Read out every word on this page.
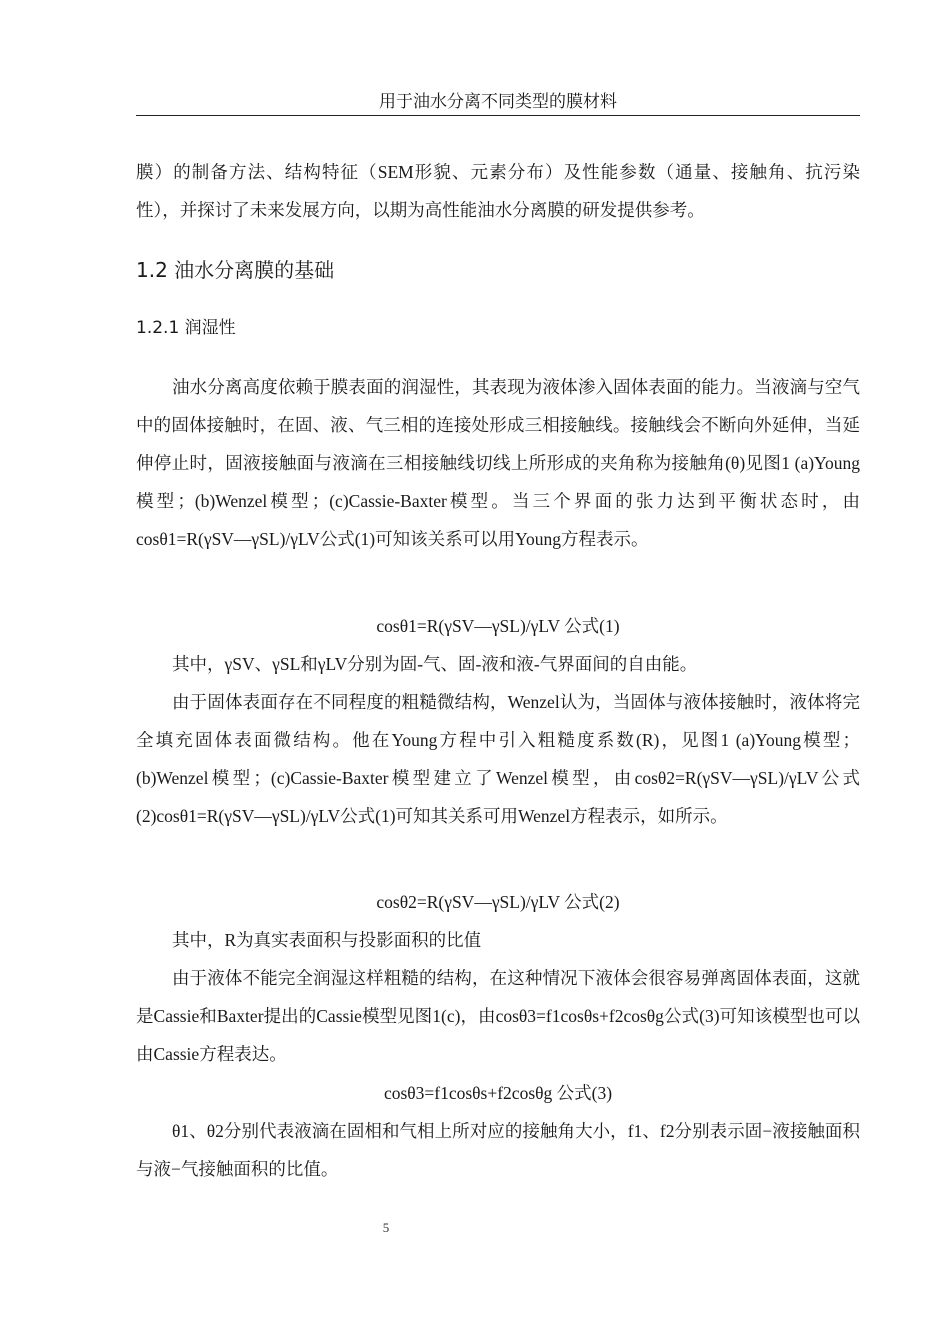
用于油水分离不同类型的膜材料
膜）的制备方法、结构特征（SEM形貌、元素分布）及性能参数（通量、接触角、抗污染性），并探讨了未来发展方向，以期为高性能油水分离膜的研发提供参考。
1.2 油水分离膜的基础
1.2.1 润湿性
油水分离高度依赖于膜表面的润湿性，其表现为液体渗入固体表面的能力。当液滴与空气中的固体接触时，在固、液、气三相的连接处形成三相接触线。接触线会不断向外延伸，当延伸停止时，固液接触面与液滴在三相接触线切线上所形成的夹角称为接触角(θ)见图1 (a)Young模型；(b)Wenzel模型；(c)Cassie-Baxter模型。当三个界面的张力达到平衡状态时，由cosθ1=R(γSV—γSL)/γLV公式(1)可知该关系可以用Young方程表示。
cosθ1=R(γSV—γSL)/γLV 公式(1)
其中，γSV、γSL和γLV分别为固-气、固-液和液-气界面间的自由能。
由于固体表面存在不同程度的粗糙微结构，Wenzel认为，当固体与液体接触时，液体将完全填充固体表面微结构。他在Young方程中引入粗糙度系数(R)，见图1 (a)Young模型；(b)Wenzel模型；(c)Cassie-Baxter模型建立了Wenzel模型，由cosθ2=R(γSV—γSL)/γLV公式(2)cosθ1=R(γSV—γSL)/γLV公式(1)可知其关系可用Wenzel方程表示，如所示。
cosθ2=R(γSV—γSL)/γLV 公式(2)
其中，R为真实表面积与投影面积的比值
由于液体不能完全润湿这样粗糙的结构，在这种情况下液体会很容易弹离固体表面，这就是Cassie和Baxter提出的Cassie模型见图1(c)，由cosθ3=f1cosθs+f2cosθg公式(3)可知该模型也可以由Cassie方程表达。
cosθ3=f1cosθs+f2cosθg 公式(3)
θ1、θ2分别代表液滴在固相和气相上所对应的接触角大小，f1、f2分别表示固−液接触面积与液−气接触面积的比值。
5
